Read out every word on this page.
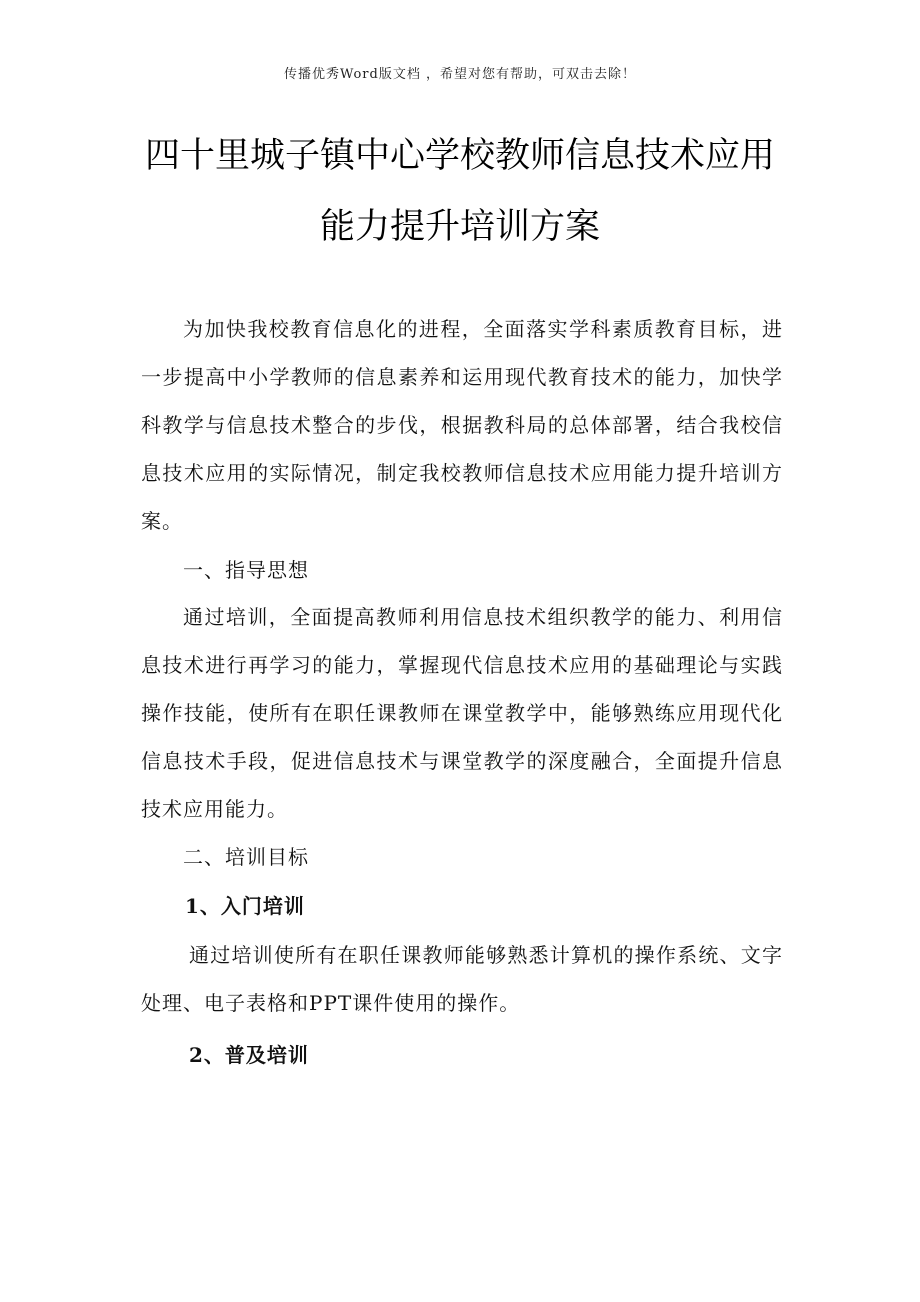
传播优秀Word版文档 ，希望对您有帮助，可双击去除！
四十里城子镇中心学校教师信息技术应用
能力提升培训方案

为加快我校教育信息化的进程，全面落实学科素质教育目标，进一步提高中小学教师的信息素养和运用现代教育技术的能力，加快学科教学与信息技术整合的步伐，根据教科局的总体部署，结合我校信息技术应用的实际情况，制定我校教师信息技术应用能力提升培训方案。

一、指导思想

通过培训，全面提高教师利用信息技术组织教学的能力、利用信息技术进行再学习的能力，掌握现代信息技术应用的基础理论与实践操作技能，使所有在职任课教师在课堂教学中，能够熟练应用现代化信息技术手段，促进信息技术与课堂教学的深度融合，全面提升信息技术应用能力。

二、培训目标
1、入门培训

通过培训使所有在职任课教师能够熟悉计算机的操作系统、文字处理、电子表格和PPT课件使用的操作。

2、普及培训
